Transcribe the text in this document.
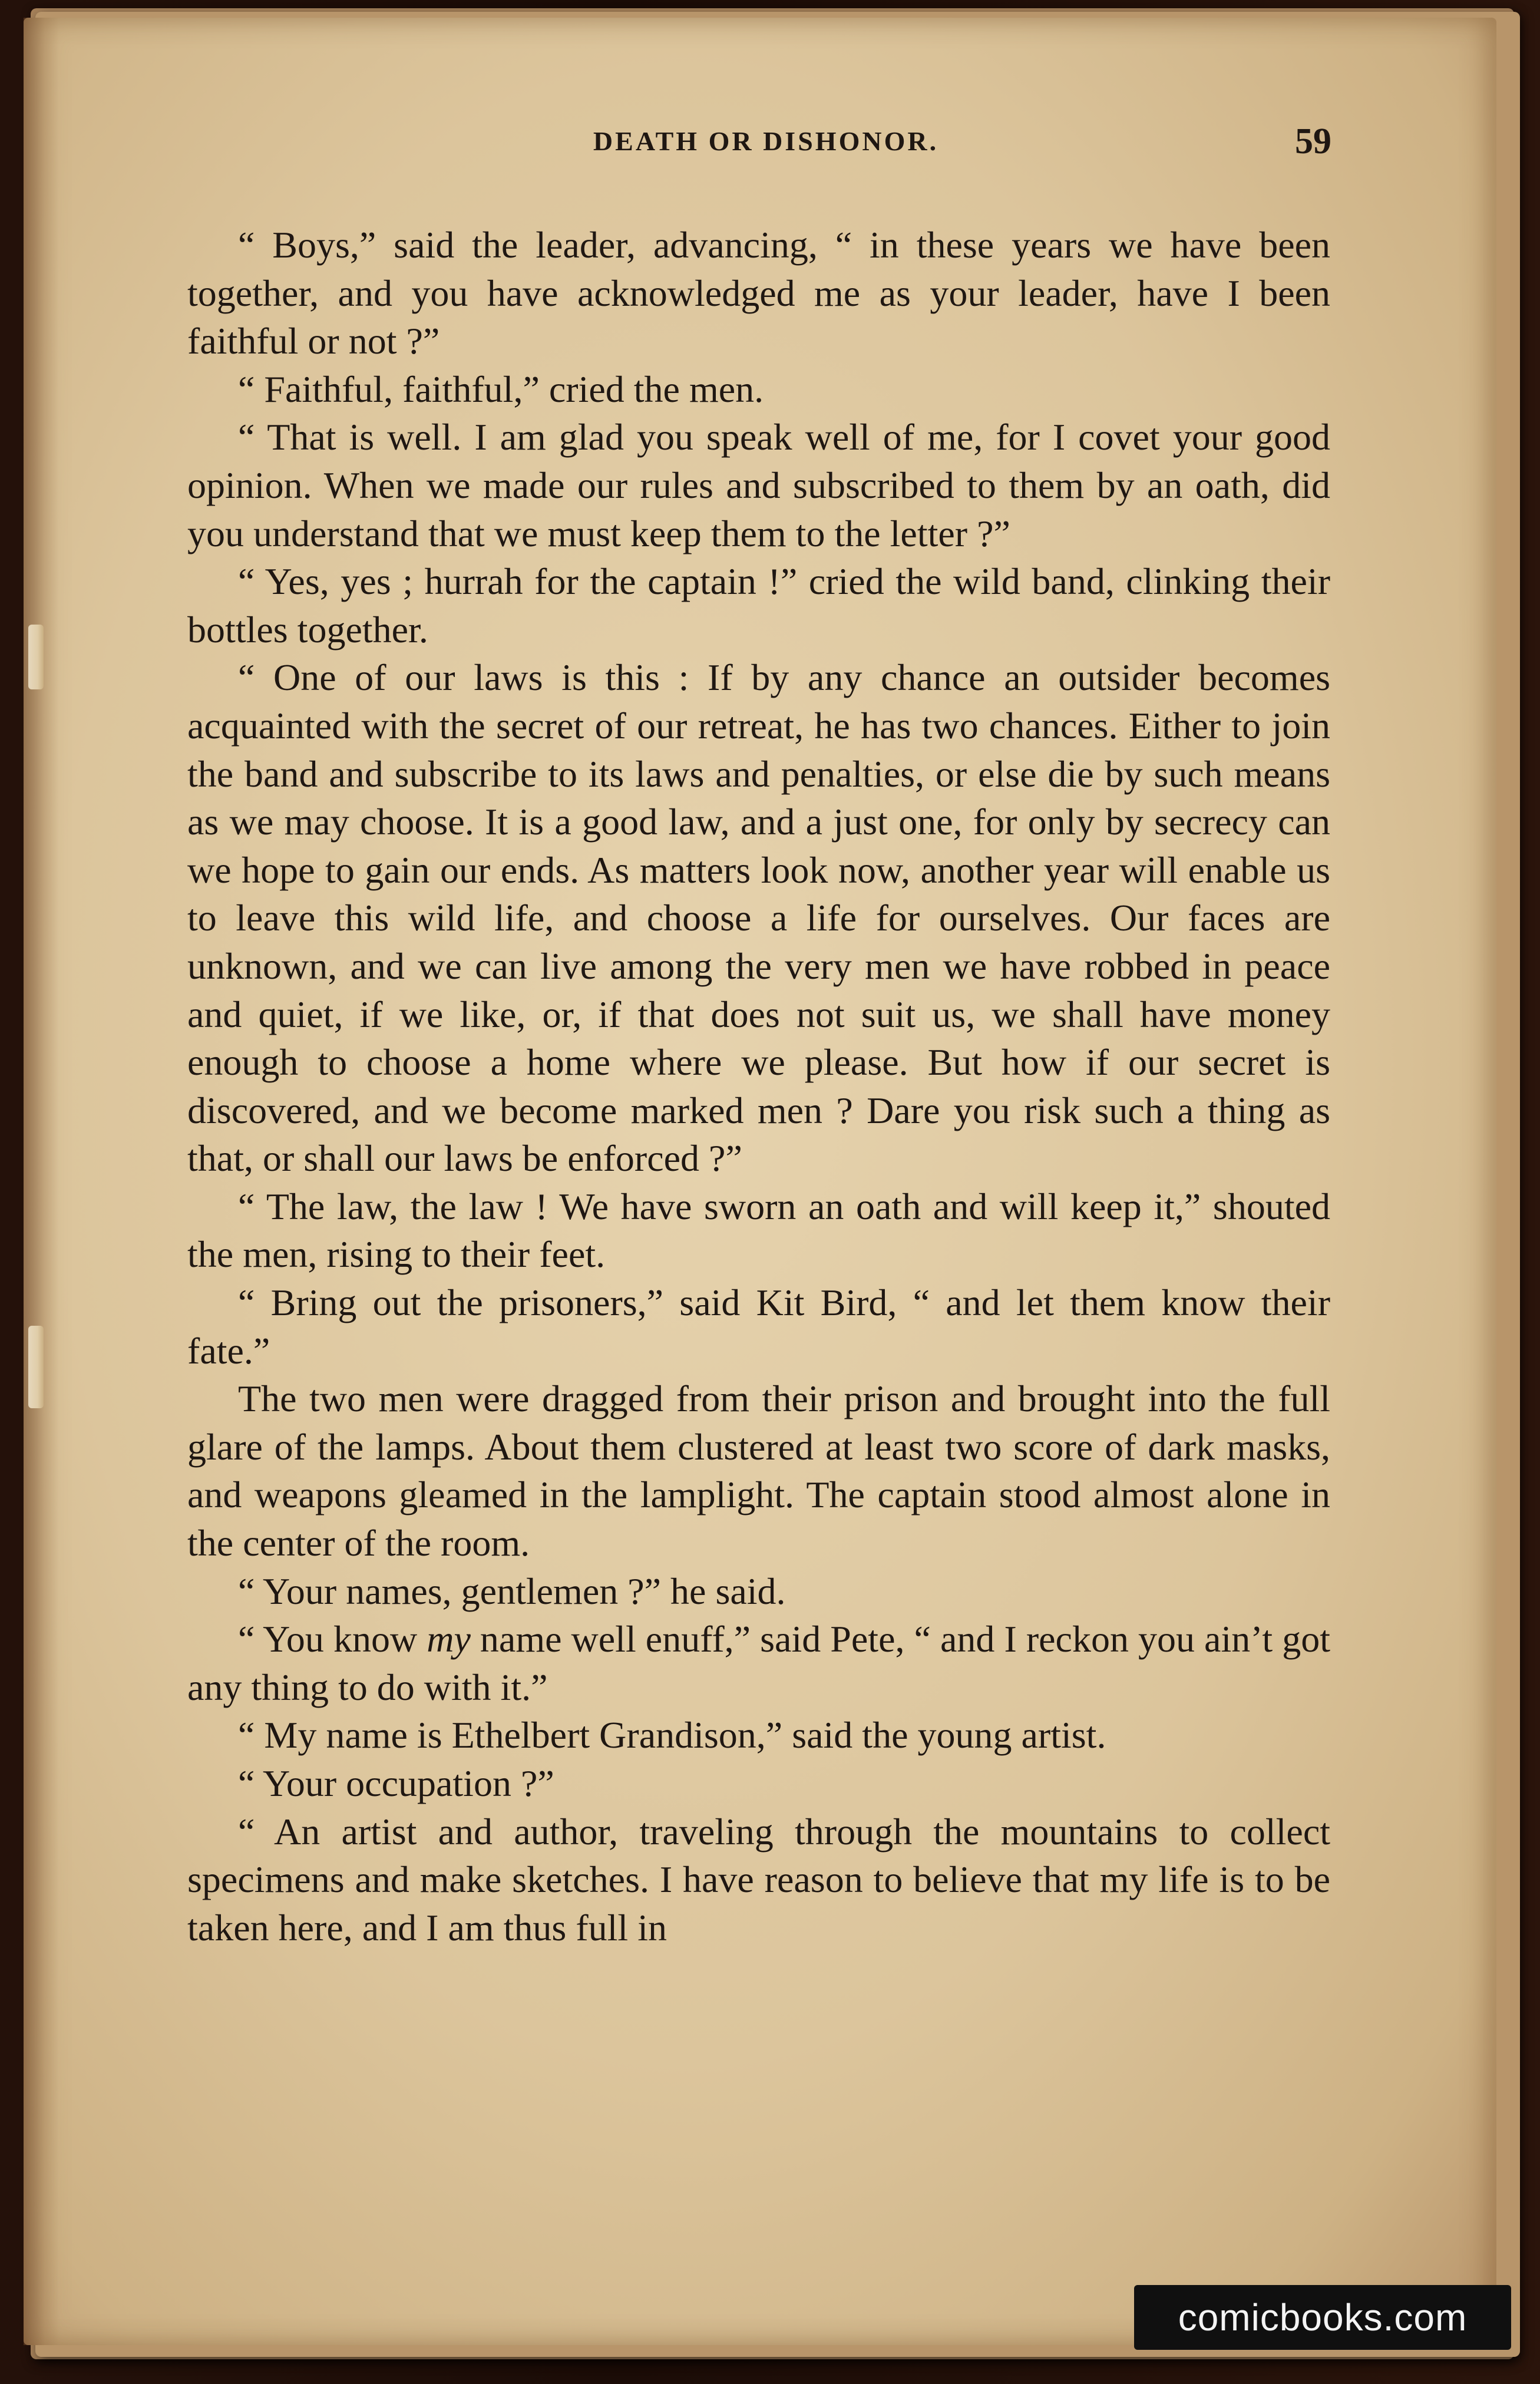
DEATH OR DISHONOR.	59

“ Boys,” said the leader, advancing, “ in these years we have been together, and you have acknowledged me as your leader, have I been faithful or not ?”

“ Faithful, faithful,” cried the men.

“ That is well. I am glad you speak well of me, for I covet your good opinion. When we made our rules and subscribed to them by an oath, did you understand that we must keep them to the letter ?”

“ Yes, yes ; hurrah for the captain !” cried the wild band, clinking their bottles together.

“ One of our laws is this : If by any chance an outsider becomes acquainted with the secret of our retreat, he has two chances. Either to join the band and subscribe to its laws and penalties, or else die by such means as we may choose. It is a good law, and a just one, for only by secrecy can we hope to gain our ends. As matters look now, another year will enable us to leave this wild life, and choose a life for ourselves. Our faces are unknown, and we can live among the very men we have robbed in peace and quiet, if we like, or, if that does not suit us, we shall have money enough to choose a home where we please. But how if our secret is discovered, and we become marked men ? Dare you risk such a thing as that, or shall our laws be enforced ?”

“ The law, the law ! We have sworn an oath and will keep it,” shouted the men, rising to their feet.

“ Bring out the prisoners,” said Kit Bird, “ and let them know their fate.”

The two men were dragged from their prison and brought into the full glare of the lamps. About them clustered at least two score of dark masks, and weapons gleamed in the lamplight. The captain stood almost alone in the center of the room.

“ Your names, gentlemen ?” he said.

“ You know my name well enuff,” said Pete, “ and I reckon you ain’t got any thing to do with it.”

“ My name is Ethelbert Grandison,” said the young artist.

“ Your occupation ?”

“ An artist and author, traveling through the mountains to collect specimens and make sketches. I have reason to believe that my life is to be taken here, and I am thus full in

comicbooks.com
